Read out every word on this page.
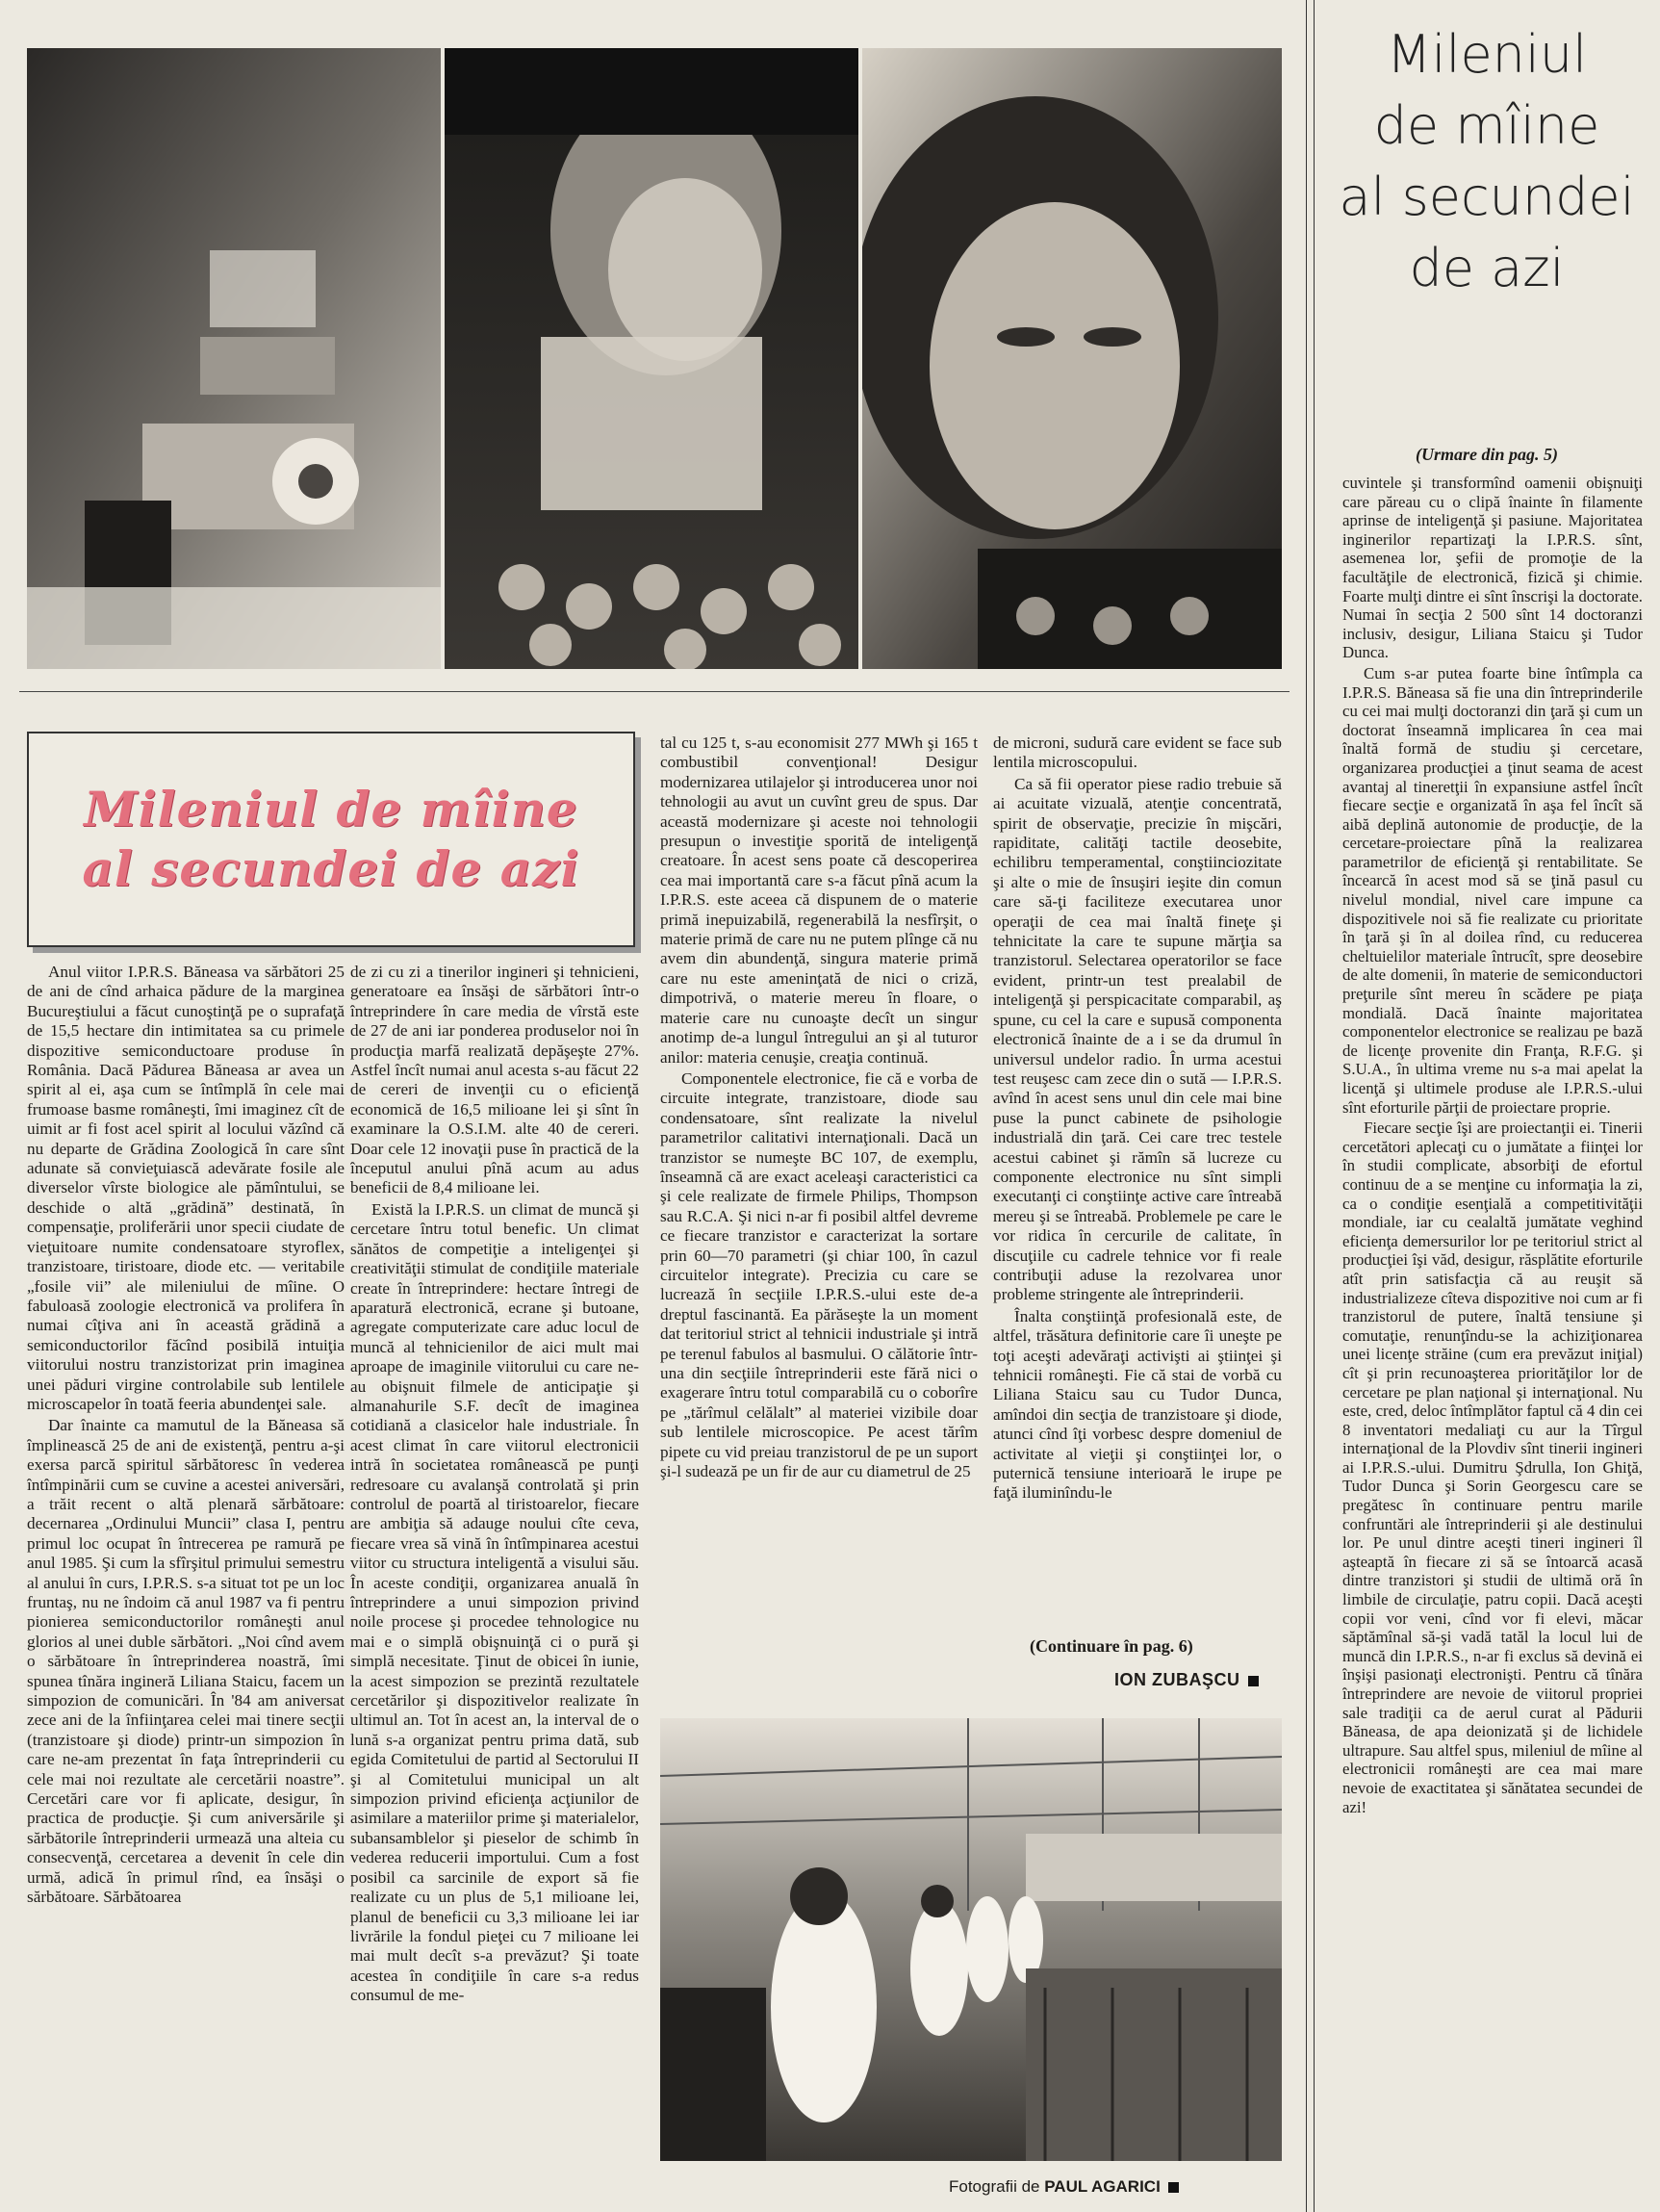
Mileniul de mîine
al secundei de azi
Mileniul
de mîine
al secundei
de azi
(Urmare din pag. 5)

Anul viitor I.P.R.S. Băneasa va sărbători 25 de ani de cînd arhaica pădure de la marginea Bucureştiului a făcut cunoştinţă pe o suprafaţă de 15,5 hectare din intimitatea sa cu primele dispozitive semiconductoare produse în România. Dacă Pădurea Băneasa ar avea un spirit al ei, aşa cum se întîmplă în cele mai frumoase basme româneşti, îmi imaginez cît de uimit ar fi fost acel spirit al locului văzînd că nu departe de Grădina Zoologică în care sînt adunate să convieţuiască adevărate fosile ale diverselor vîrste biologice ale pămîntului, se deschide o altă „grădină” destinată, în compensaţie, proliferării unor specii ciudate de vieţuitoare numite condensatoare styroflex, tranzistoare, tiristoare, diode etc. — veritabile „fosile vii” ale mileniului de mîine. O fabuloasă zoologie electronică va prolifera în numai cîţiva ani în această grădină a semiconductorilor făcînd posibilă intuiţia viitorului nostru tranzistorizat prin imaginea unei păduri virgine controlabile sub lentilele microscapelor în toată feeria abundenţei sale.

Dar înainte ca mamutul de la Băneasa să împlinească 25 de ani de existenţă, pentru a-şi exersa parcă spiritul sărbătoresc în vederea întîmpinării cum se cuvine a acestei aniversări, a trăit recent o altă plenară sărbătoare: decernarea „Ordinului Muncii” clasa I, pentru primul loc ocupat în întrecerea pe ramură pe anul 1985. Şi cum la sfîrşitul primului semestru al anului în curs, I.P.R.S. s-a situat tot pe un loc fruntaş, nu ne îndoim că anul 1987 va fi pentru pionierea semiconductorilor româneşti anul glorios al unei duble sărbători. „Noi cînd avem o sărbătoare în întreprinderea noastră, îmi spunea tînăra ingineră Liliana Staicu, facem un simpozion de comunicări. În '84 am aniversat zece ani de la înfiinţarea celei mai tinere secţii (tranzistoare şi diode) printr-un simpozion în care ne-am prezentat în faţa întreprinderii cu cele mai noi rezultate ale cercetării noastre”. Cercetări care vor fi aplicate, desigur, în practica de producţie. Şi cum aniversările şi sărbătorile întreprinderii urmează una alteia cu consecvenţă, cercetarea a devenit în cele din urmă, adică în primul rînd, ea însăşi o sărbătoare. Sărbătoarea

de zi cu zi a tinerilor ingineri şi tehnicieni, generatoare ea însăşi de sărbători într-o întreprindere în care media de vîrstă este de 27 de ani iar ponderea produselor noi în producţia marfă realizată depăşeşte 27%. Astfel încît numai anul acesta s-au făcut 22 de cereri de invenţii cu o eficienţă economică de 16,5 milioane lei şi sînt în examinare la O.S.I.M. alte 40 de cereri. Doar cele 12 inovaţii puse în practică de la începutul anului pînă acum au adus beneficii de 8,4 milioane lei.

Există la I.P.R.S. un climat de muncă şi cercetare întru totul benefic. Un climat sănătos de competiţie a inteligenţei şi creativităţii stimulat de condiţiile materiale create în întreprindere: hectare întregi de aparatură electronică, ecrane şi butoane, agregate computerizate care aduc locul de muncă al tehnicienilor de aici mult mai aproape de imaginile viitorului cu care ne-au obişnuit filmele de anticipaţie şi almanahurile S.F. decît de imaginea cotidiană a clasicelor hale industriale. În acest climat în care viitorul electronicii intră în societatea românească pe punţi redresoare cu avalanşă controlată şi prin controlul de poartă al tiristoarelor, fiecare are ambiţia să adauge noului cîte ceva, fiecare vrea să vină în întîmpinarea acestui viitor cu structura inteligentă a visului său. În aceste condiţii, organizarea anuală în întreprindere a unui simpozion privind noile procese şi procedee tehnologice nu mai e o simplă obişnuinţă ci o pură şi simplă necesitate. Ţinut de obicei în iunie, la acest simpozion se prezintă rezultatele cercetărilor şi dispozitivelor realizate în ultimul an. Tot în acest an, la interval de o lună s-a organizat pentru prima dată, sub egida Comitetului de partid al Sectorului II şi al Comitetului municipal un alt simpozion privind eficienţa acţiunilor de asimilare a materiilor prime şi materialelor, subansamblelor şi pieselor de schimb în vederea reducerii importului. Cum a fost posibil ca sarcinile de export să fie realizate cu un plus de 5,1 milioane lei, planul de beneficii cu 3,3 milioane lei iar livrările la fondul pieţei cu 7 milioane lei mai mult decît s-a prevăzut? Şi toate acestea în condiţiile în care s-a redus consumul de me-

tal cu 125 t, s-au economisit 277 MWh şi 165 t combustibil convenţional! Desigur modernizarea utilajelor şi introducerea unor noi tehnologii au avut un cuvînt greu de spus. Dar această modernizare şi aceste noi tehnologii presupun o investiţie sporită de inteligenţă creatoare. În acest sens poate că descoperirea cea mai importantă care s-a făcut pînă acum la I.P.R.S. este aceea că dispunem de o materie primă inepuizabilă, regenerabilă la nesfîrşit, o materie primă de care nu ne putem plînge că nu avem din abundenţă, singura materie primă care nu este ameninţată de nici o criză, dimpotrivă, o materie mereu în floare, o materie care nu cunoaşte decît un singur anotimp de-a lungul întregului an şi al tuturor anilor: materia cenuşie, creaţia continuă.

Componentele electronice, fie că e vorba de circuite integrate, tranzistoare, diode sau condensatoare, sînt realizate la nivelul parametrilor calitativi internaţionali. Dacă un tranzistor se numeşte BC 107, de exemplu, înseamnă că are exact aceleaşi caracteristici ca şi cele realizate de firmele Philips, Thompson sau R.C.A. Şi nici n-ar fi posibil altfel devreme ce fiecare tranzistor e caracterizat la sortare prin 60—70 parametri (şi chiar 100, în cazul circuitelor integrate). Precizia cu care se lucrează în secţiile I.P.R.S.-ului este de-a dreptul fascinantă. Ea părăseşte la un moment dat teritoriul strict al tehnicii industriale şi intră pe terenul fabulos al basmului. O călătorie într-una din secţiile întreprinderii este fără nici o exagerare întru totul comparabilă cu o coborîre pe „tărîmul celălalt” al materiei vizibile doar sub lentilele microscopice. Pe acest tărîm pipete cu vid preiau tranzistorul de pe un suport şi-l sudează pe un fir de aur cu diametrul de 25

de microni, sudură care evident se face sub lentila microscopului.

Ca să fii operator piese radio trebuie să ai acuitate vizuală, atenţie concentrată, spirit de observaţie, precizie în mişcări, rapiditate, calităţi tactile deosebite, echilibru temperamental, conştiinciozitate şi alte o mie de însuşiri ieşite din comun care să-ţi faciliteze executarea unor operaţii de cea mai înaltă fineţe şi tehnicitate la care te supune mărţia sa tranzistorul. Selectarea operatorilor se face evident, printr-un test prealabil de inteligenţă şi perspicacitate comparabil, aş spune, cu cel la care e supusă componenta electronică înainte de a i se da drumul în universul undelor radio. În urma acestui test reuşesc cam zece din o sută — I.P.R.S. avînd în acest sens unul din cele mai bine puse la punct cabinete de psihologie industrială din ţară. Cei care trec testele acestui cabinet şi rămîn să lucreze cu componente electronice nu sînt simpli executanţi ci conştiinţe active care întreabă mereu şi se întreabă. Problemele pe care le vor ridica în cercurile de calitate, în discuţiile cu cadrele tehnice vor fi reale contribuţii aduse la rezolvarea unor probleme stringente ale întreprinderii.

Înalta conştiinţă profesională este, de altfel, trăsătura definitorie care îi uneşte pe toţi aceşti adevăraţi activişti ai ştiinţei şi tehnicii româneşti. Fie că stai de vorbă cu Liliana Staicu sau cu Tudor Dunca, amîndoi din secţia de tranzistoare şi diode, atunci cînd îţi vorbesc despre domeniul de activitate al vieţii şi conştiinţei lor, o puternică tensiune interioară le irupe pe faţă iluminîndu-le

(Continuare în pag. 6)
ION ZUBAŞCU
Fotografii de PAUL AGARICI

cuvintele şi transformînd oamenii obişnuiţi care păreau cu o clipă înainte în filamente aprinse de inteligenţă şi pasiune. Majoritatea inginerilor repartizaţi la I.P.R.S. sînt, asemenea lor, şefii de promoţie de la facultăţile de electronică, fizică şi chimie. Foarte mulţi dintre ei sînt înscrişi la doctorate. Numai în secţia 2 500 sînt 14 doctoranzi inclusiv, desigur, Liliana Staicu şi Tudor Dunca.

Cum s-ar putea foarte bine întîmpla ca I.P.R.S. Băneasa să fie una din întreprinderile cu cei mai mulţi doctoranzi din ţară şi cum un doctorat înseamnă implicarea în cea mai înaltă formă de studiu şi cercetare, organizarea producţiei a ţinut seama de acest avantaj al tineretţii în expansiune astfel încît fiecare secţie e organizată în aşa fel încît să aibă deplină autonomie de producţie, de la cercetare-proiectare pînă la realizarea parametrilor de eficienţă şi rentabilitate. Se încearcă în acest mod să se ţină pasul cu nivelul mondial, nivel care impune ca dispozitivele noi să fie realizate cu prioritate în ţară şi în al doilea rînd, cu reducerea cheltuielilor materiale întrucît, spre deosebire de alte domenii, în materie de semiconductori preţurile sînt mereu în scădere pe piaţa mondială. Dacă înainte majoritatea componentelor electronice se realizau pe bază de licenţe provenite din Franţa, R.F.G. şi S.U.A., în ultima vreme nu s-a mai apelat la licenţă şi ultimele produse ale I.P.R.S.-ului sînt eforturile părţii de proiectare proprie.

Fiecare secţie îşi are proiectanţii ei. Tinerii cercetători aplecaţi cu o jumătate a fiinţei lor în studii complicate, absorbiţi de efortul continuu de a se menţine cu informaţia la zi, ca o condiţie esenţială a competitivităţii mondiale, iar cu cealaltă jumătate veghind eficienţa demersurilor lor pe teritoriul strict al producţiei îşi văd, desigur, răsplătite eforturile atît prin satisfacţia că au reuşit să industrializeze cîteva dispozitive noi cum ar fi tranzistorul de putere, înaltă tensiune şi comutaţie, renunţîndu-se la achiziţionarea unei licenţe străine (cum era prevăzut iniţial) cît şi prin recunoaşterea priorităţilor lor de cercetare pe plan naţional şi internaţional. Nu este, cred, deloc întîmplător faptul că 4 din cei 8 inventatori medaliaţi cu aur la Tîrgul internaţional de la Plovdiv sînt tinerii ingineri ai I.P.R.S.-ului. Dumitru Şdrulla, Ion Ghiţă, Tudor Dunca şi Sorin Georgescu care se pregătesc în continuare pentru marile confruntări ale întreprinderii şi ale destinului lor. Pe unul dintre aceşti tineri ingineri îl aşteaptă în fiecare zi să se întoarcă acasă dintre tranzistori şi studii de ultimă oră în limbile de circulaţie, patru copii. Dacă aceşti copii vor veni, cînd vor fi elevi, măcar săptămînal să-şi vadă tatăl la locul lui de muncă din I.P.R.S., n-ar fi exclus să devină ei înşişi pasionaţi electronişti. Pentru că tînăra întreprindere are nevoie de viitorul propriei sale tradiţii ca de aerul curat al Pădurii Băneasa, de apa deionizată şi de lichidele ultrapure. Sau altfel spus, mileniul de mîine al electronicii româneşti are cea mai mare nevoie de exactitatea şi sănătatea secundei de azi!
